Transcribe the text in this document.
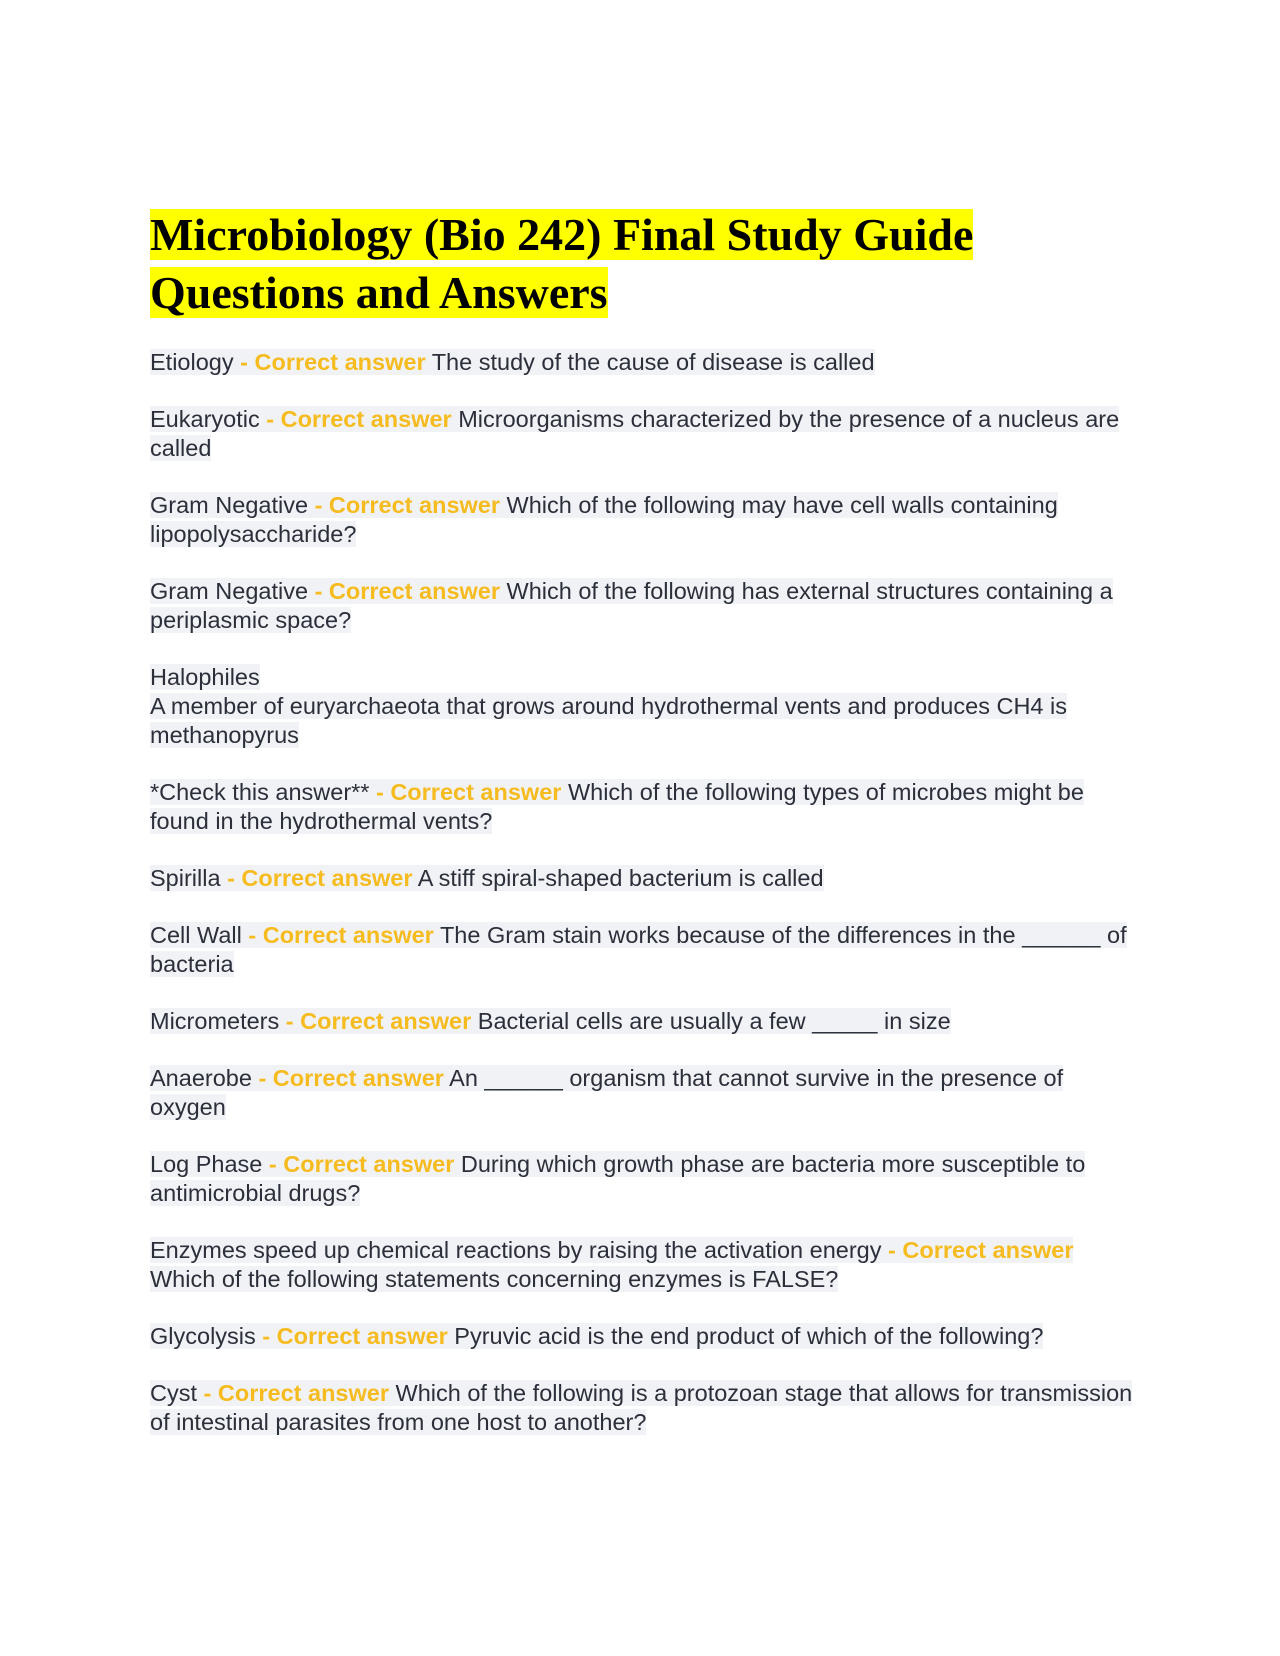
Microbiology (Bio 242) Final Study Guide Questions and Answers

Etiology - Correct answer The study of the cause of disease is called

Eukaryotic - Correct answer Microorganisms characterized by the presence of a nucleus are called

Gram Negative - Correct answer Which of the following may have cell walls containing lipopolysaccharide?

Gram Negative - Correct answer Which of the following has external structures containing a periplasmic space?

Halophiles
A member of euryarchaeota that grows around hydrothermal vents and produces CH4 is methanopyrus

*Check this answer** - Correct answer Which of the following types of microbes might be found in the hydrothermal vents?

Spirilla - Correct answer A stiff spiral-shaped bacterium is called

Cell Wall - Correct answer The Gram stain works because of the differences in the ______ of bacteria

Micrometers - Correct answer Bacterial cells are usually a few _____ in size

Anaerobe - Correct answer An ______ organism that cannot survive in the presence of oxygen

Log Phase - Correct answer During which growth phase are bacteria more susceptible to antimicrobial drugs?

Enzymes speed up chemical reactions by raising the activation energy - Correct answer Which of the following statements concerning enzymes is FALSE?

Glycolysis - Correct answer Pyruvic acid is the end product of which of the following?

Cyst - Correct answer Which of the following is a protozoan stage that allows for transmission of intestinal parasites from one host to another?
